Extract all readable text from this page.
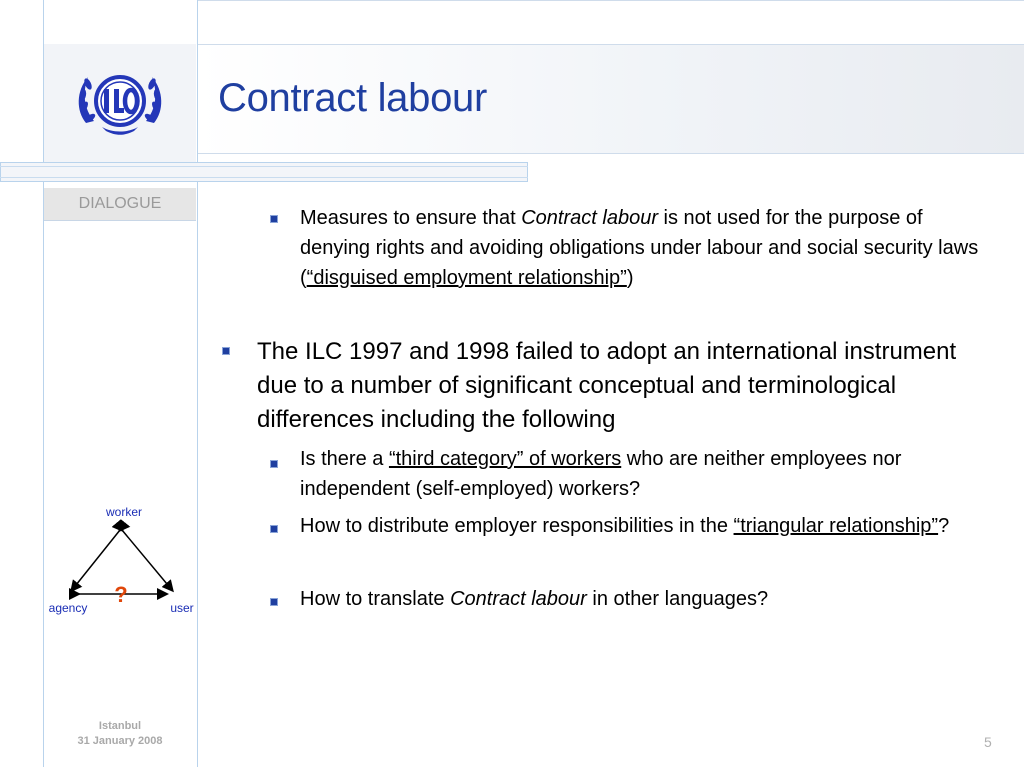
Contract labour
DIALOGUE
Measures to ensure that Contract labour is not used for the purpose of denying rights and avoiding obligations under labour and social security laws (“disguised employment relationship”)
The ILC 1997 and 1998 failed to adopt an international instrument due to a number of significant conceptual and terminological differences including the following
Is there a “third category” of workers who are neither employees nor independent (self-employed) workers?
How to distribute employer responsibilities in the “triangular relationship”?
How to translate Contract labour in other languages?
worker
agency	user
?
Istanbul
31 January 2008	5
